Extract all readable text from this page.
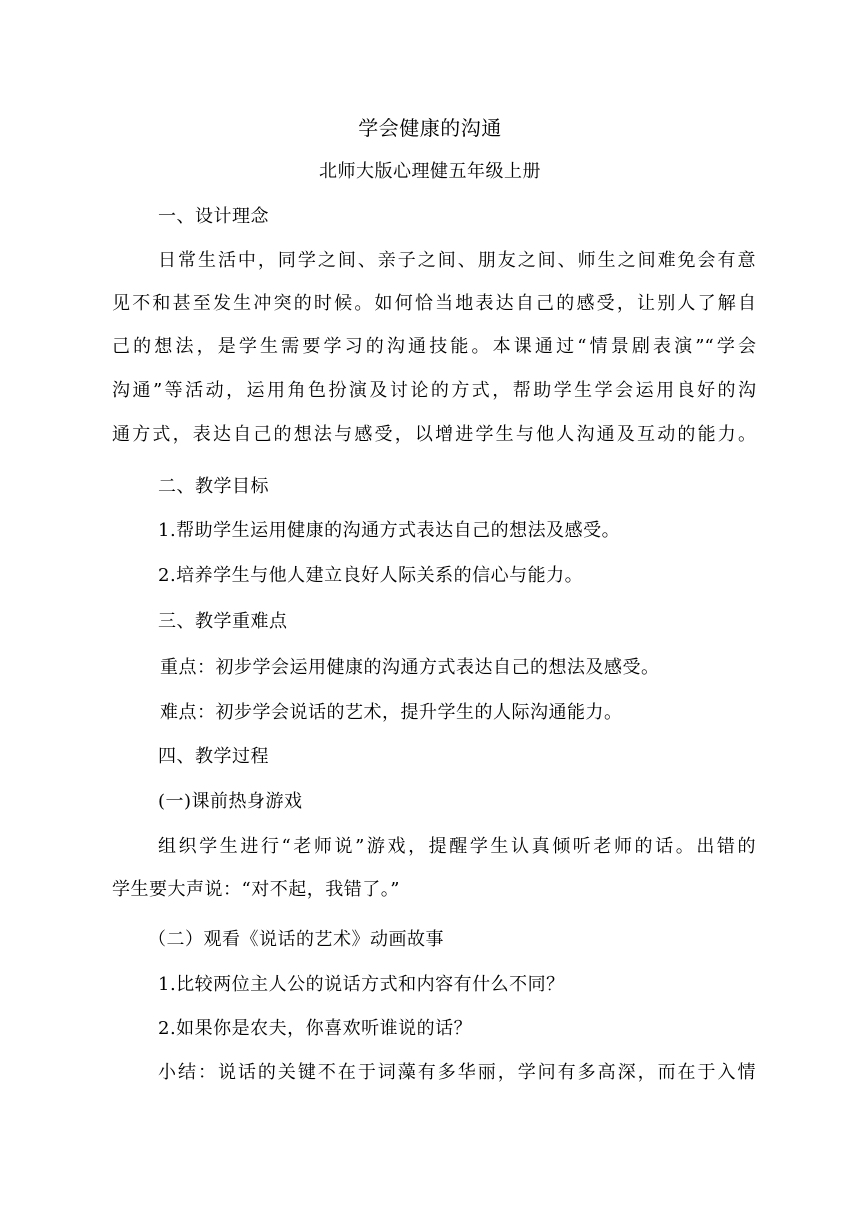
学会健康的沟通
北师大版心理健五年级上册
一、设计理念
日常生活中，同学之间、亲子之间、朋友之间、师生之间难免会有意
见不和甚至发生冲突的时候。如何恰当地表达自己的感受，让别人了解自
己的想法，是学生需要学习的沟通技能。本课通过“情景剧表演”“学会
沟通”等活动，运用角色扮演及讨论的方式，帮助学生学会运用良好的沟
通方式，表达自己的想法与感受，以增进学生与他人沟通及互动的能力。
二、教学目标
1.帮助学生运用健康的沟通方式表达自己的想法及感受。
2.培养学生与他人建立良好人际关系的信心与能力。
三、教学重难点
重点：初步学会运用健康的沟通方式表达自己的想法及感受。
难点：初步学会说话的艺术，提升学生的人际沟通能力。
四、教学过程
(一)课前热身游戏
组织学生进行“老师说”游戏，提醒学生认真倾听老师的话。出错的
学生要大声说：“对不起，我错了。”
（二）观看《说话的艺术》动画故事
1.比较两位主人公的说话方式和内容有什么不同？
2.如果你是农夫，你喜欢听谁说的话？
小结：说话的关键不在于词藻有多华丽，学问有多高深，而在于入情
